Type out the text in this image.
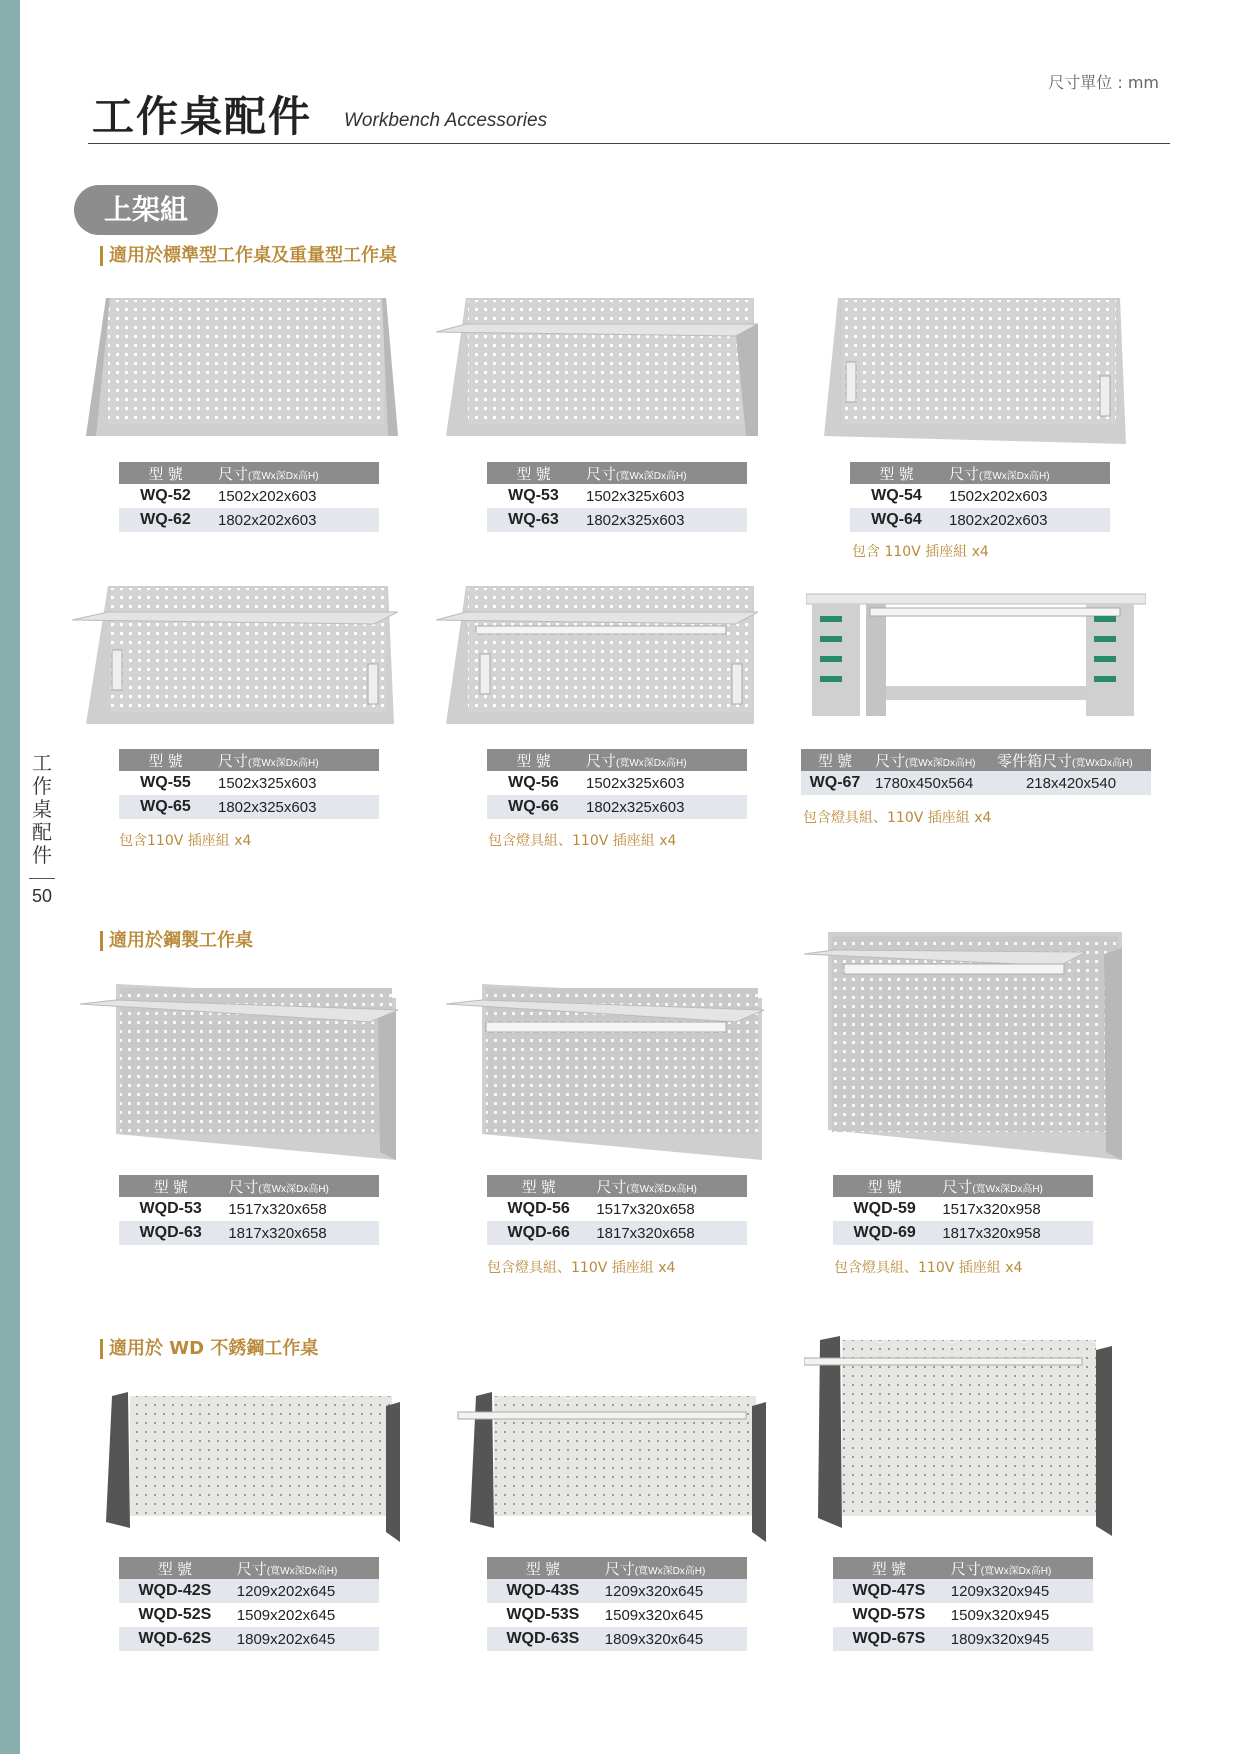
工作桌配件
50
尺寸單位 : mm
工作桌配件 Workbench Accessories
上架組
適用於標準型工作桌及重量型工作桌
適用於鋼製工作桌
適用於 WD 不銹鋼工作桌
型 號	尺寸(寬Wx深Dx高H)
WQ-52	1502x202x603
WQ-62	1802x202x603
型 號	尺寸(寬Wx深Dx高H)
WQ-53	1502x325x603
WQ-63	1802x325x603
型 號	尺寸(寬Wx深Dx高H)
WQ-54	1502x202x603
WQ-64	1802x202x603
包含 110V 插座組 x4
型 號	尺寸(寬Wx深Dx高H)
WQ-55	1502x325x603
WQ-65	1802x325x603
包含110V 插座組 x4
型 號	尺寸(寬Wx深Dx高H)
WQ-56	1502x325x603
WQ-66	1802x325x603
包含燈具組、110V 插座組 x4
型 號	尺寸(寬Wx深Dx高H)	零件箱尺寸(寬WxDx高H)
WQ-67	1780x450x564	218x420x540
包含燈具組、110V 插座組 x4
型 號	尺寸(寬Wx深Dx高H)
WQD-53	1517x320x658
WQD-63	1817x320x658
型 號	尺寸(寬Wx深Dx高H)
WQD-56	1517x320x658
WQD-66	1817x320x658
包含燈具組、110V 插座組 x4
型 號	尺寸(寬Wx深Dx高H)
WQD-59	1517x320x958
WQD-69	1817x320x958
包含燈具組、110V 插座組 x4
型 號	尺寸(寬Wx深Dx高H)
WQD-42S	1209x202x645
WQD-52S	1509x202x645
WQD-62S	1809x202x645
型 號	尺寸(寬Wx深Dx高H)
WQD-43S	1209x320x645
WQD-53S	1509x320x645
WQD-63S	1809x320x645
型 號	尺寸(寬Wx深Dx高H)
WQD-47S	1209x320x945
WQD-57S	1509x320x945
WQD-67S	1809x320x945
